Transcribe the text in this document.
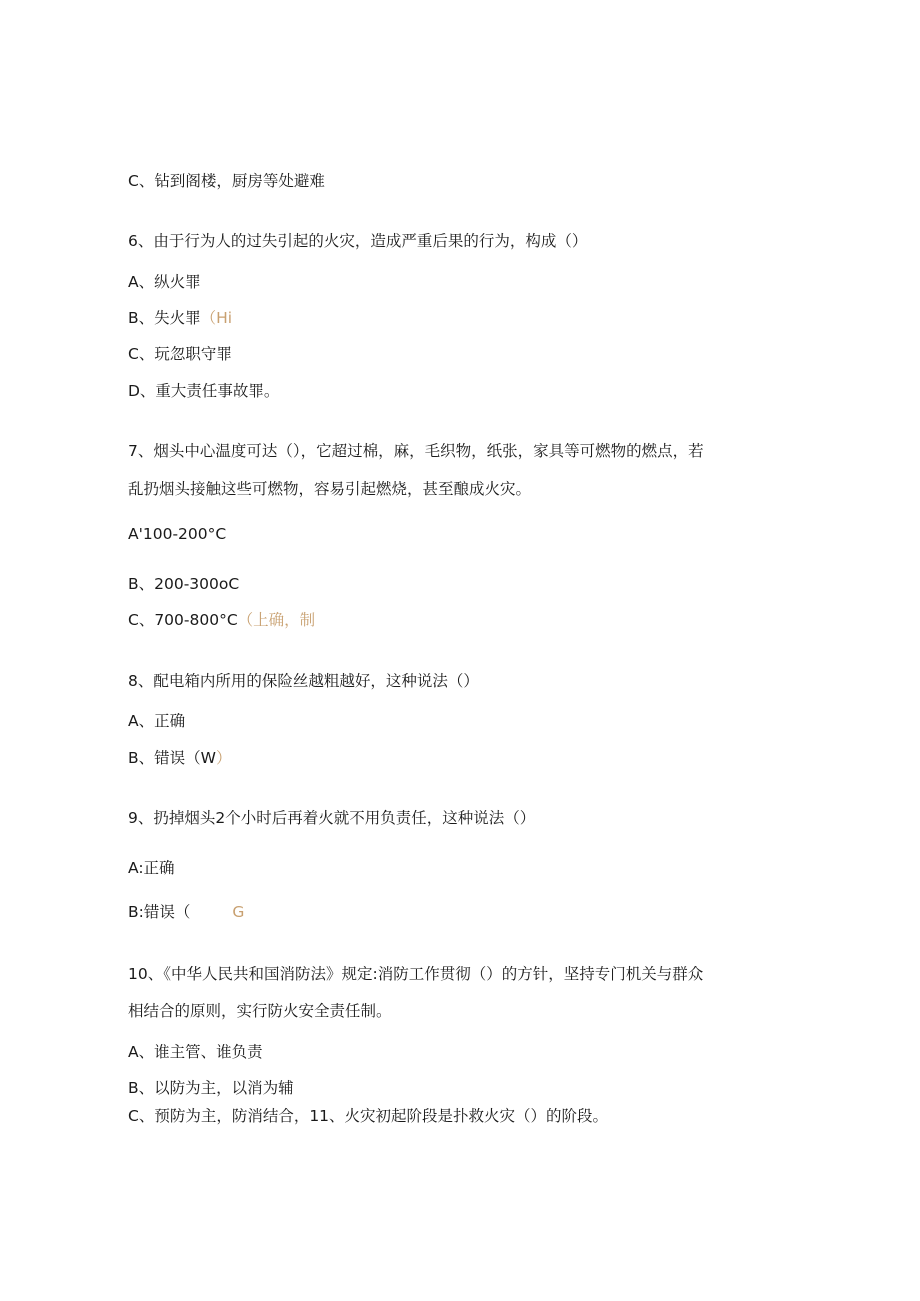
C、钻到阁楼，厨房等处避难
6、由于行为人的过失引起的火灾，造成严重后果的行为，构成（）
A、纵火罪
B、失火罪（Hi
C、玩忽职守罪
D、重大责任事故罪。
7、烟头中心温度可达（），它超过棉，麻，毛织物，纸张，家具等可燃物的燃点，若
乱扔烟头接触这些可燃物，容易引起燃烧，甚至酿成火灾。
A'100-200°C
B、200-300oC
C、700-800°C（上确，制
8、配电箱内所用的保险丝越粗越好，这种说法（）
A、正确
B、错误（W）
9、扔掉烟头2个小时后再着火就不用负责任，这种说法（）
A:正确
B:错误（	G
10、《中华人民共和国消防法》规定:消防工作贯彻（）的方针，坚持专门机关与群众
相结合的原则，实行防火安全责任制。
A、谁主管、谁负责
B、以防为主，以消为辅
C、预防为主，防消结合，11、火灾初起阶段是扑救火灾（）的阶段。
